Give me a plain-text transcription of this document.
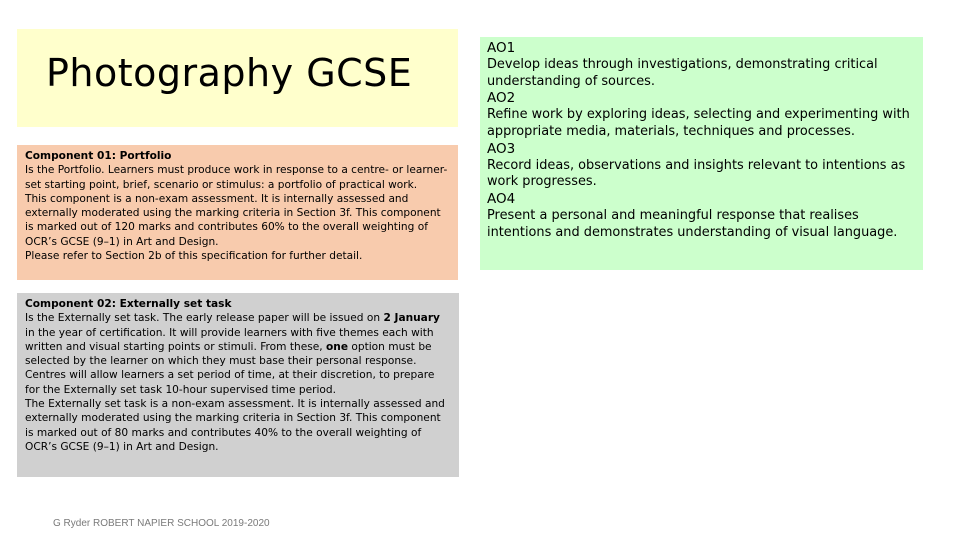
Photography GCSE

Component 01: Portfolio

Is the Portfolio. Learners must produce work in response to a centre- or learner-set starting point, brief, scenario or stimulus: a portfolio of practical work.

This component is a non-exam assessment. It is internally assessed and externally moderated using the marking criteria in Section 3f. This component is marked out of 120 marks and contributes 60% to the overall weighting of OCR’s GCSE (9–1) in Art and Design.

Please refer to Section 2b of this specification for further detail.

Component 02: Externally set task

Is the Externally set task. The early release paper will be issued on 2 January in the year of certification. It will provide learners with five themes each with written and visual starting points or stimuli. From these, one option must be selected by the learner on which they must base their personal response.

Centres will allow learners a set period of time, at their discretion, to prepare for the Externally set task 10-hour supervised time period.

The Externally set task is a non-exam assessment. It is internally assessed and externally moderated using the marking criteria in Section 3f. This component is marked out of 80 marks and contributes 40% to the overall weighting of OCR’s GCSE (9–1) in Art and Design.

AO1

Develop ideas through investigations, demonstrating critical understanding of sources.

AO2

Refine work by exploring ideas, selecting and experimenting with appropriate media, materials, techniques and processes.

AO3

Record ideas, observations and insights relevant to intentions as work progresses.

AO4

Present a personal and meaningful response that realises intentions and demonstrates understanding of visual language.

G Ryder ROBERT NAPIER SCHOOL 2019-2020
